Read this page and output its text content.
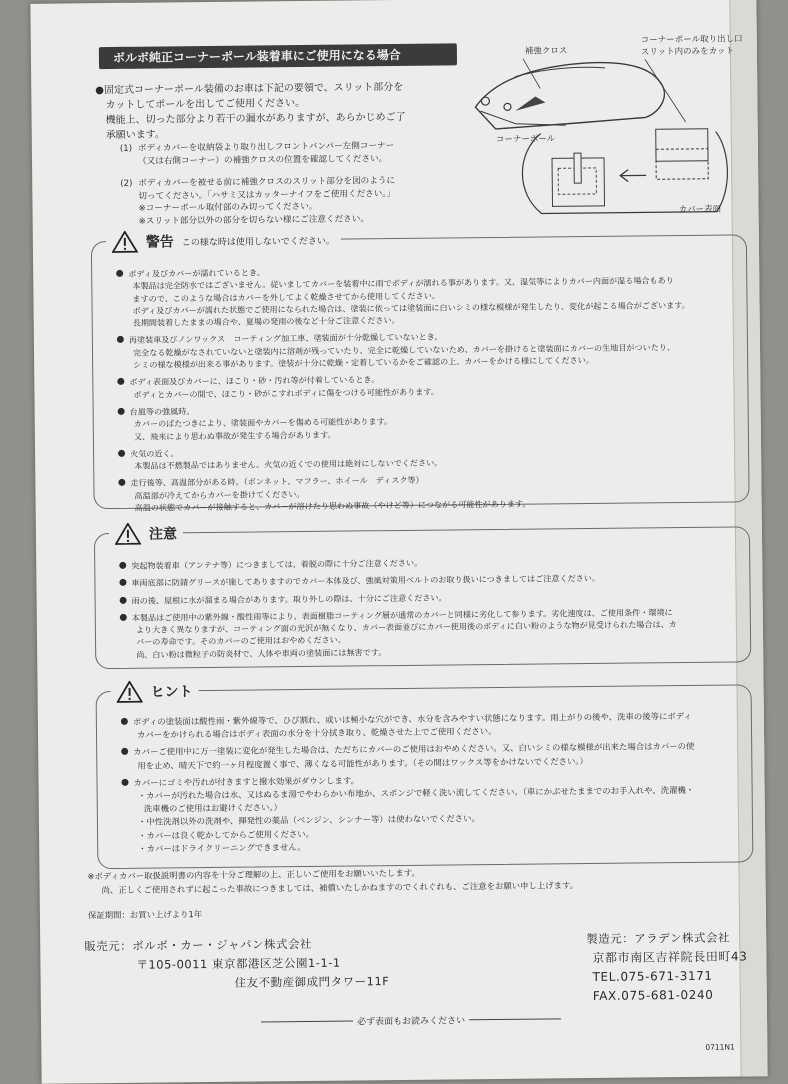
ボルボ純正コーナーポール装着車にご使用になる場合
●固定式コーナーポール装備のお車は下記の要領で、スリット部分を
カットしてポールを出してご使用ください。
機能上、切った部分より若干の漏水がありますが、あらかじめご了
承願います。
(1) ボディカバーを収納袋より取り出しフロントバンパー左側コーナー
（又は右側コーナー）の補強クロスの位置を確認してください。
(2) ボディカバーを被せる前に補強クロスのスリット部分を図のように
切ってください。「ハサミ又はカッターナイフをご使用ください。」
※コーナーポール取付部のみ切ってください。
※スリット部分以外の部分を切らない様にご注意ください。
補強クロス
コーナーポール取り出し口
スリット内のみをカット
コーナーポール
カバー表面
警告 この様な時は使用しないでください。
ボディ及びカバーが濡れているとき。
本製品は完全防水ではございません。従いましてカバーを装着中に雨でボディが濡れる事があります。又、湿気等によりカバー内面が湿る場合もあり
ますので、このような場合はカバーを外してよく乾燥させてから使用してください。
ボディ及びカバーが濡れた状態でご使用になられた場合は、塗装に依っては塗装面に白いシミの様な模様が発生したり、変化が起こる場合がございます。
長期間装着したままの場合や、夏場の発雨の後など十分ご注意ください。
再塗装車及びノンワックス　コーティング加工車、塗装面が十分乾燥していないとき。
完全なる乾燥がなされていないと塗装内に溶剤が残っていたり、完全に乾燥していないため、カバーを掛けると塗装面にカバーの生地目がついたり、
シミの様な模様が出来る事があります。塗装が十分に乾燥・定着しているかをご確認の上、カバーをかける様にしてください。
ボディ表面及びカバーに、ほこり・砂・汚れ等が付着しているとき。
ボディとカバーの間で、ほこり・砂がこすれボディに傷をつける可能性があります。
台風等の強風時。
カバーのばたつきにより、塗装面やカバーを傷める可能性があります。
又、飛来により思わぬ事故が発生する場合があります。
火気の近く。
本製品は不燃製品ではありません。火気の近くでの使用は絶対にしないでください。
走行後等、高温部分がある時。（ボンネット、マフラー、ホイール　ディスク等）
高温部が冷えてからカバーを掛けてください。
高温の状態でカバーが接触すると、カバーが溶けたり思わぬ事故（やけど等）につながる可能性があります。
注意
突起物装着車（アンテナ等）につきましては、着脱の際に十分ご注意ください。
車両底部に防錆グリースが施してありますのでカバー本体及び、強風対策用ベルトのお取り扱いにつきましてはご注意ください。
雨の後、屋根に水が溜まる場合があります。取り外しの際は、十分にご注意ください。
本製品はご使用中の紫外線・酸性雨等により、表面樹脂コーティング層が通常のカバーと同様に劣化して参ります。劣化速度は、ご使用条件・環境に
より大きく異なりますが、コーティング面の光沢が無くなり、カバー表面並びにカバー使用後のボディに白い粉のような物が見受けられた場合は、カ
バーの寿命です。そのカバーのご使用はおやめください。
尚、白い粉は微粒子の防炎材で、人体や車両の塗装面には無害です。
ヒント
ボディの塗装面は酸性雨・紫外線等で、ひび割れ、或いは極小な穴ができ、水分を含みやすい状態になります。雨上がりの後や、洗車の後等にボディ
カバーをかけられる場合はボディ表面の水分を十分拭き取り、乾燥させた上でご使用ください。
カバーご使用中に万一塗装に変化が発生した場合は、ただちにカバーのご使用はおやめください。又、白いシミの様な模様が出来た場合はカバーの使
用を止め、晴天下で約一ヶ月程度置く事で、薄くなる可能性があります。（その間はワックス等をかけないでください。）
カバーにゴミや汚れが付きますと撥水効果がダウンします。
・カバーが汚れた場合は水、又はぬるま湯でやわらかい布地か、スポンジで軽く洗い流してください。（車にかぶせたままでのお手入れや、洗濯機・
洗車機のご使用はお避けください。）
・中性洗剤以外の洗剤や、揮発性の薬品（ベンジン、シンナー等）は使わないでください。
・カバーは良く乾かしてからご使用ください。
・カバーはドライクリーニングできません。
※ボディカバー取扱説明書の内容を十分ご理解の上、正しいご使用をお願いいたします。
尚、正しくご使用されずに起こった事故につきましては、補償いたしかねますのでくれぐれも、ご注意をお願い申し上げます。
保証期間：お買い上げより1年
販売元：ボルボ・カー・ジャパン株式会社
〒105-0011 東京都港区芝公園1-1-1
住友不動産御成門タワー11F
製造元：アラデン株式会社
京都市南区吉祥院長田町43
TEL.075-671-3171
FAX.075-681-0240
必ず表面もお読みください
0711N1
